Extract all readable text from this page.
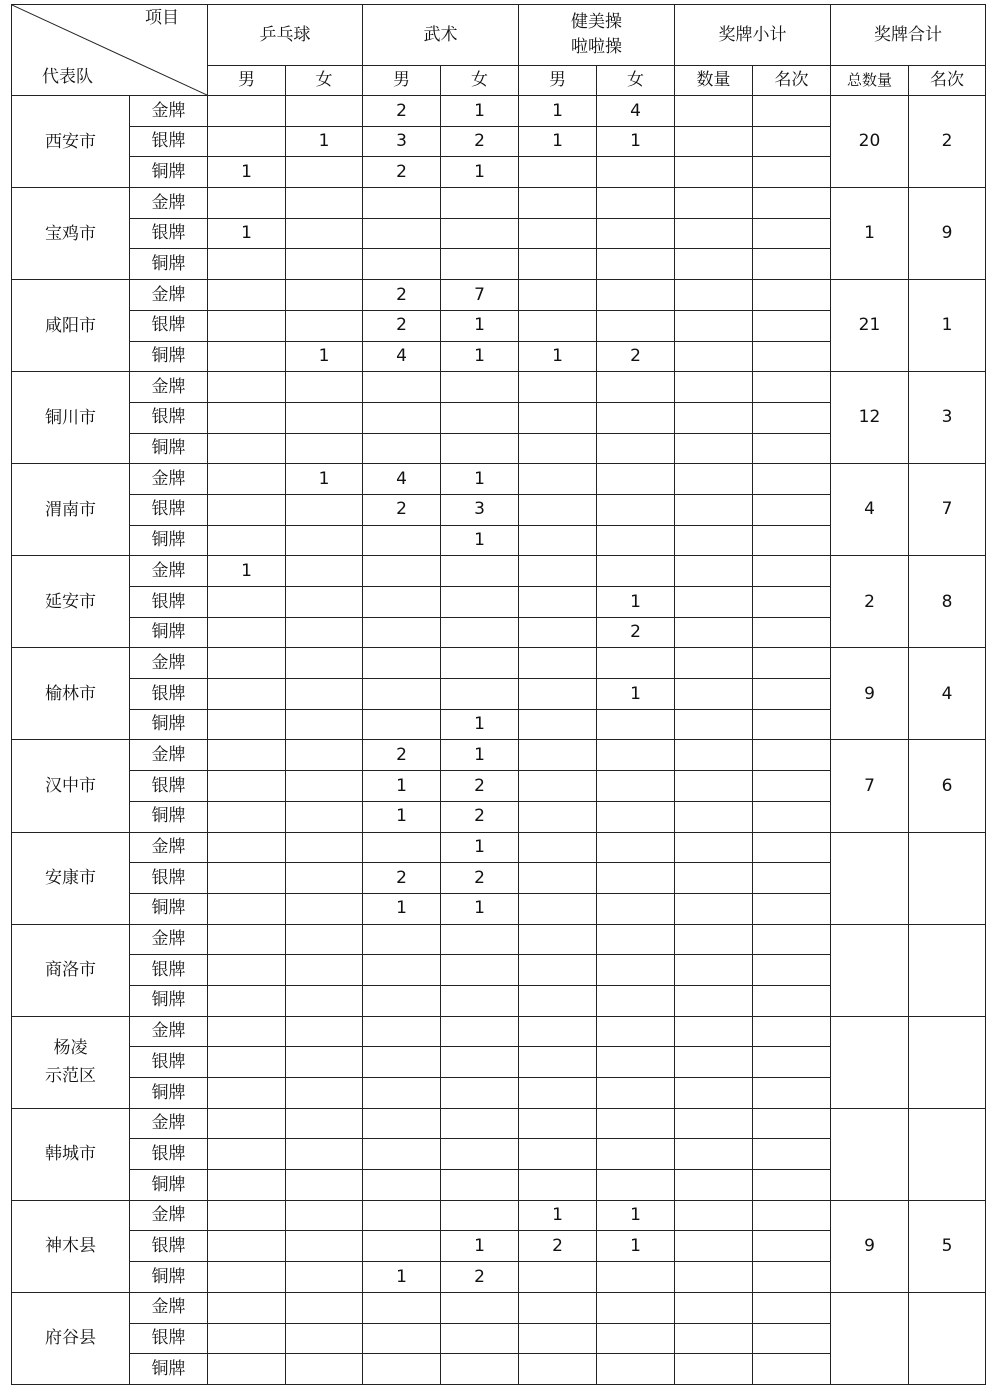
项目
代表队		乒乓球		武术		健美操
啦啦操		奖牌小计		奖牌合计	
		男	女	男	女	男	女	数量	名次	总数量	名次
西安市	金牌			2	1	1	4			20	2
	银牌		1	3	2	1	1				
	铜牌	1		2	1						
宝鸡市	金牌									1	9
	银牌	1									
	铜牌										
咸阳市	金牌			2	7					21	1
	银牌			2	1						
	铜牌		1	4	1	1	2				
铜川市	金牌									12	3
	银牌										
	铜牌										
渭南市	金牌		1	4	1					4	7
	银牌			2	3						
	铜牌				1						
延安市	金牌	1								2	8
	银牌						1				
	铜牌						2				
榆林市	金牌									9	4
	银牌						1				
	铜牌				1						
汉中市	金牌			2	1					7	6
	银牌			1	2						
	铜牌			1	2						
安康市	金牌				1						
	银牌			2	2						
	铜牌			1	1						
商洛市	金牌										
	银牌										
	铜牌										
杨凌
示范区	金牌										
	银牌										
	铜牌										
韩城市	金牌										
	银牌										
	铜牌										
神木县	金牌					1	1			9	5
	银牌				1	2	1				
	铜牌			1	2						
府谷县	金牌										
	银牌										
	铜牌										
